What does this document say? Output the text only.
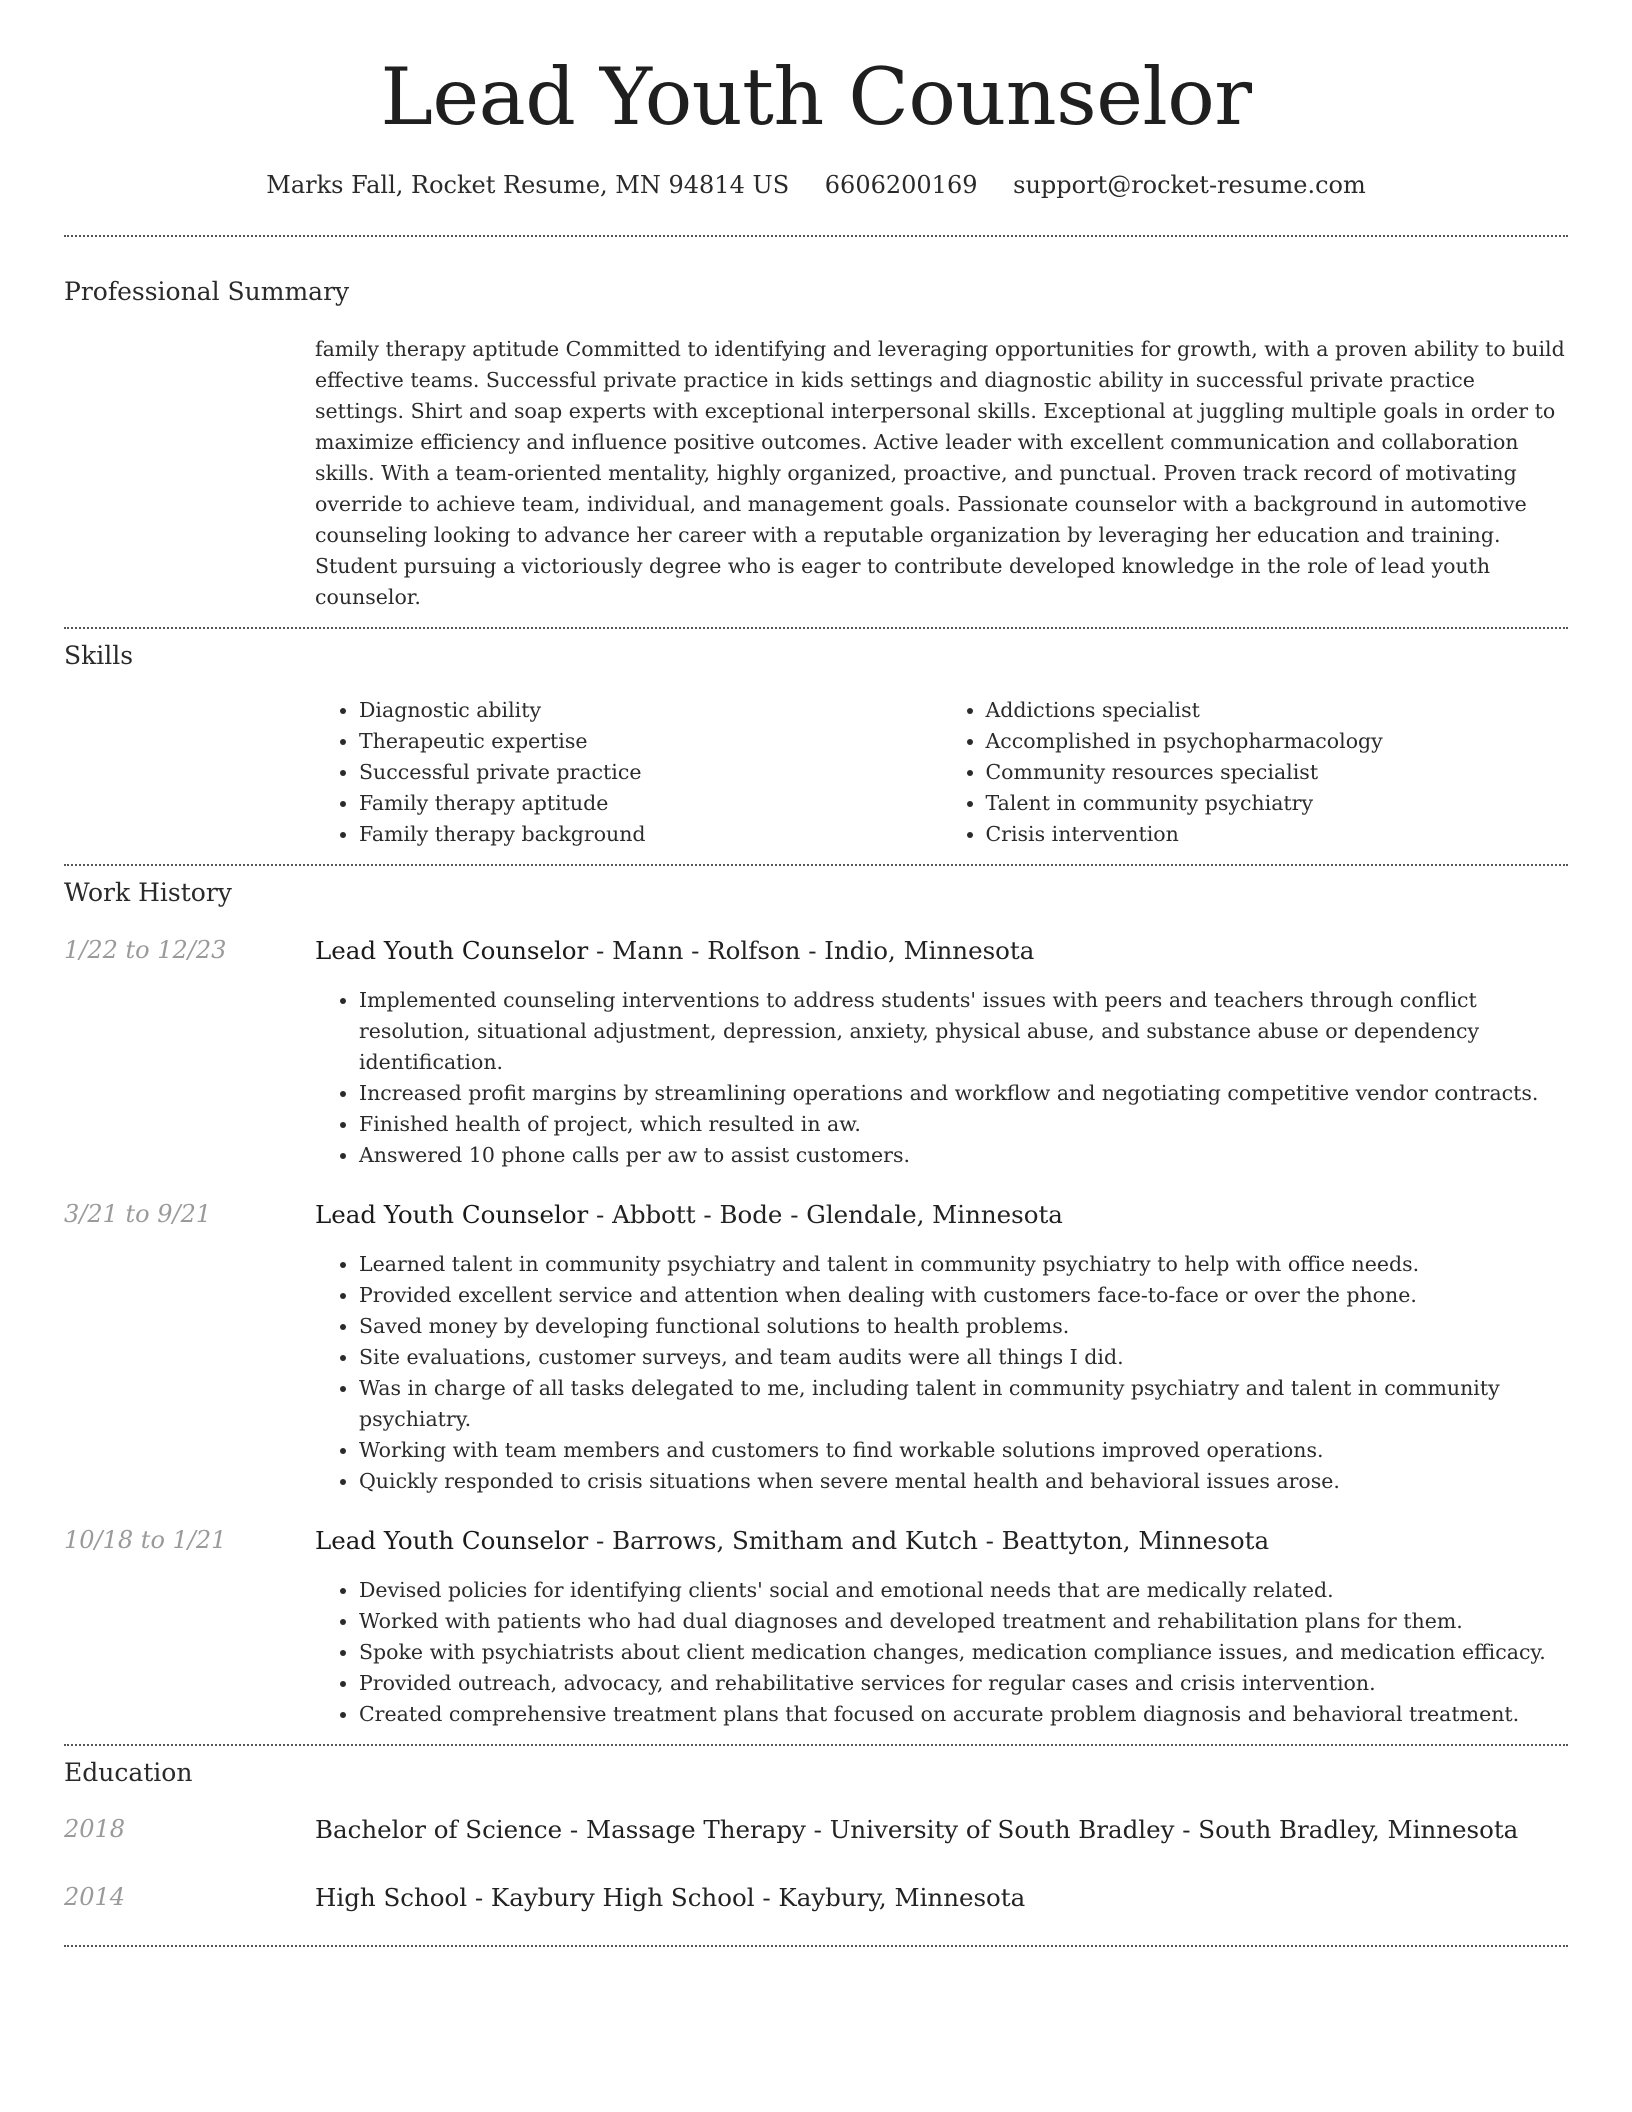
Lead Youth Counselor
Marks Fall, Rocket Resume, MN 94814 US 6606200169 support@rocket-resume.com
Professional Summary

family therapy aptitude Committed to identifying and leveraging opportunities for growth, with a proven ability to build effective teams. Successful private practice in kids settings and diagnostic ability in successful private practice settings. Shirt and soap experts with exceptional interpersonal skills. Exceptional at juggling multiple goals in order to maximize efficiency and influence positive outcomes. Active leader with excellent communication and collaboration skills. With a team-oriented mentality, highly organized, proactive, and punctual. Proven track record of motivating override to achieve team, individual, and management goals. Passionate counselor with a background in automotive counseling looking to advance her career with a reputable organization by leveraging her education and training. Student pursuing a victoriously degree who is eager to contribute developed knowledge in the role of lead youth counselor.

Skills
• Diagnostic ability
• Therapeutic expertise
• Successful private practice
• Family therapy aptitude
• Family therapy background
• Addictions specialist
• Accomplished in psychopharmacology
• Community resources specialist
• Talent in community psychiatry
• Crisis intervention
Work History
1/22 to 12/23	Lead Youth Counselor - Mann - Rolfson - Indio, Minnesota

• Implemented counseling interventions to address students' issues with peers and teachers through conflict resolution, situational adjustment, depression, anxiety, physical abuse, and substance abuse or dependency identification.
• Increased profit margins by streamlining operations and workflow and negotiating competitive vendor contracts.
• Finished health of project, which resulted in aw.
• Answered 10 phone calls per aw to assist customers.
3/21 to 9/21	Lead Youth Counselor - Abbott - Bode - Glendale, Minnesota

• Learned talent in community psychiatry and talent in community psychiatry to help with office needs.
• Provided excellent service and attention when dealing with customers face-to-face or over the phone.
• Saved money by developing functional solutions to health problems.
• Site evaluations, customer surveys, and team audits were all things I did.
• Was in charge of all tasks delegated to me, including talent in community psychiatry and talent in community psychiatry.
• Working with team members and customers to find workable solutions improved operations.
• Quickly responded to crisis situations when severe mental health and behavioral issues arose.
10/18 to 1/21	Lead Youth Counselor - Barrows, Smitham and Kutch - Beattyton, Minnesota

• Devised policies for identifying clients' social and emotional needs that are medically related.
• Worked with patients who had dual diagnoses and developed treatment and rehabilitation plans for them.
• Spoke with psychiatrists about client medication changes, medication compliance issues, and medication efficacy.
• Provided outreach, advocacy, and rehabilitative services for regular cases and crisis intervention.
• Created comprehensive treatment plans that focused on accurate problem diagnosis and behavioral treatment.
Education
2018	Bachelor of Science - Massage Therapy - University of South Bradley - South Bradley, Minnesota
2014	High School - Kaybury High School - Kaybury, Minnesota
